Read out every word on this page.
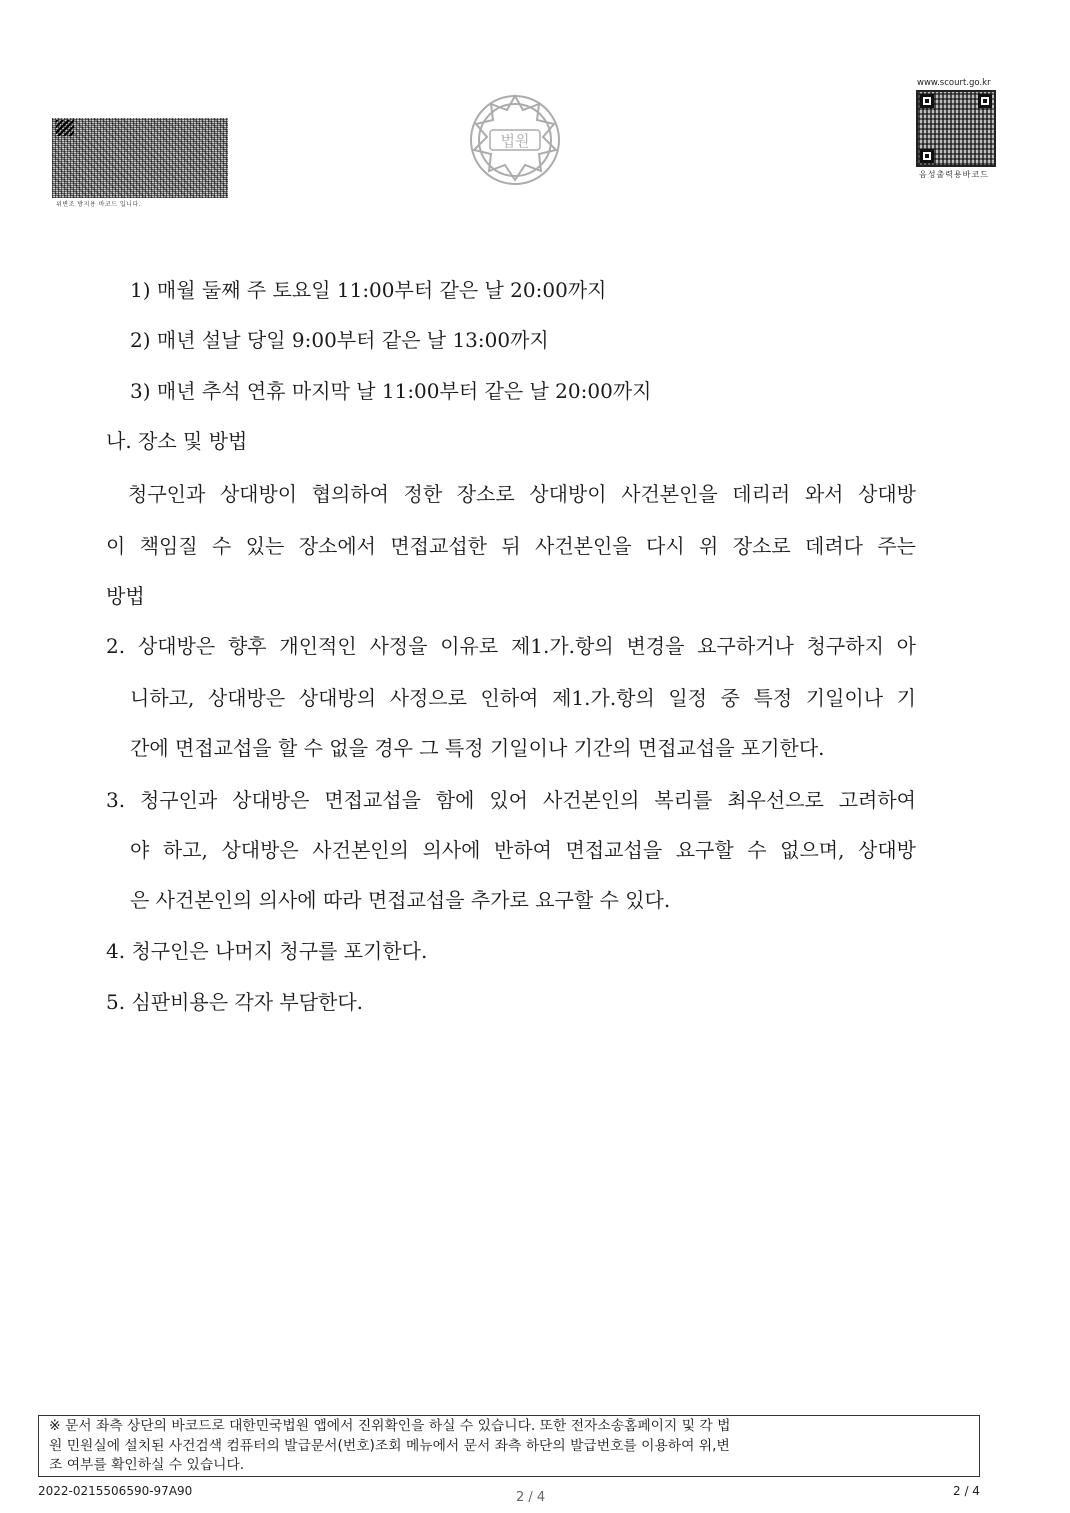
위변조 방지용 바코드 입니다.
법원
www.scourt.go.kr
음성출력용바코드
1) 매월 둘째 주 토요일 11:00부터 같은 날 20:00까지
2) 매년 설날 당일 9:00부터 같은 날 13:00까지
3) 매년 추석 연휴 마지막 날 11:00부터 같은 날 20:00까지
나. 장소 및 방법
청구인과 상대방이 협의하여 정한 장소로 상대방이 사건본인을 데리러 와서 상대방
이 책임질 수 있는 장소에서 면접교섭한 뒤 사건본인을 다시 위 장소로 데려다 주는
방법
2. 상대방은 향후 개인적인 사정을 이유로 제1.가.항의 변경을 요구하거나 청구하지 아
니하고, 상대방은 상대방의 사정으로 인하여 제1.가.항의 일정 중 특정 기일이나 기
간에 면접교섭을 할 수 없을 경우 그 특정 기일이나 기간의 면접교섭을 포기한다.
3. 청구인과 상대방은 면접교섭을 함에 있어 사건본인의 복리를 최우선으로 고려하여
야 하고, 상대방은 사건본인의 의사에 반하여 면접교섭을 요구할 수 없으며, 상대방
은 사건본인의 의사에 따라 면접교섭을 추가로 요구할 수 있다.
4. 청구인은 나머지 청구를 포기한다.
5. 심판비용은 각자 부담한다.
※ 문서 좌측 상단의 바코드로 대한민국법원 앱에서 진위확인을 하실 수 있습니다. 또한 전자소송홈페이지 및 각 법
원 민원실에 설치된 사건검색 컴퓨터의 발급문서(번호)조회 메뉴에서 문서 좌측 하단의 발급번호를 이용하여 위,변
조 여부를 확인하실 수 있습니다.
2022-0215506590-97A90	2 / 4	2 / 4
